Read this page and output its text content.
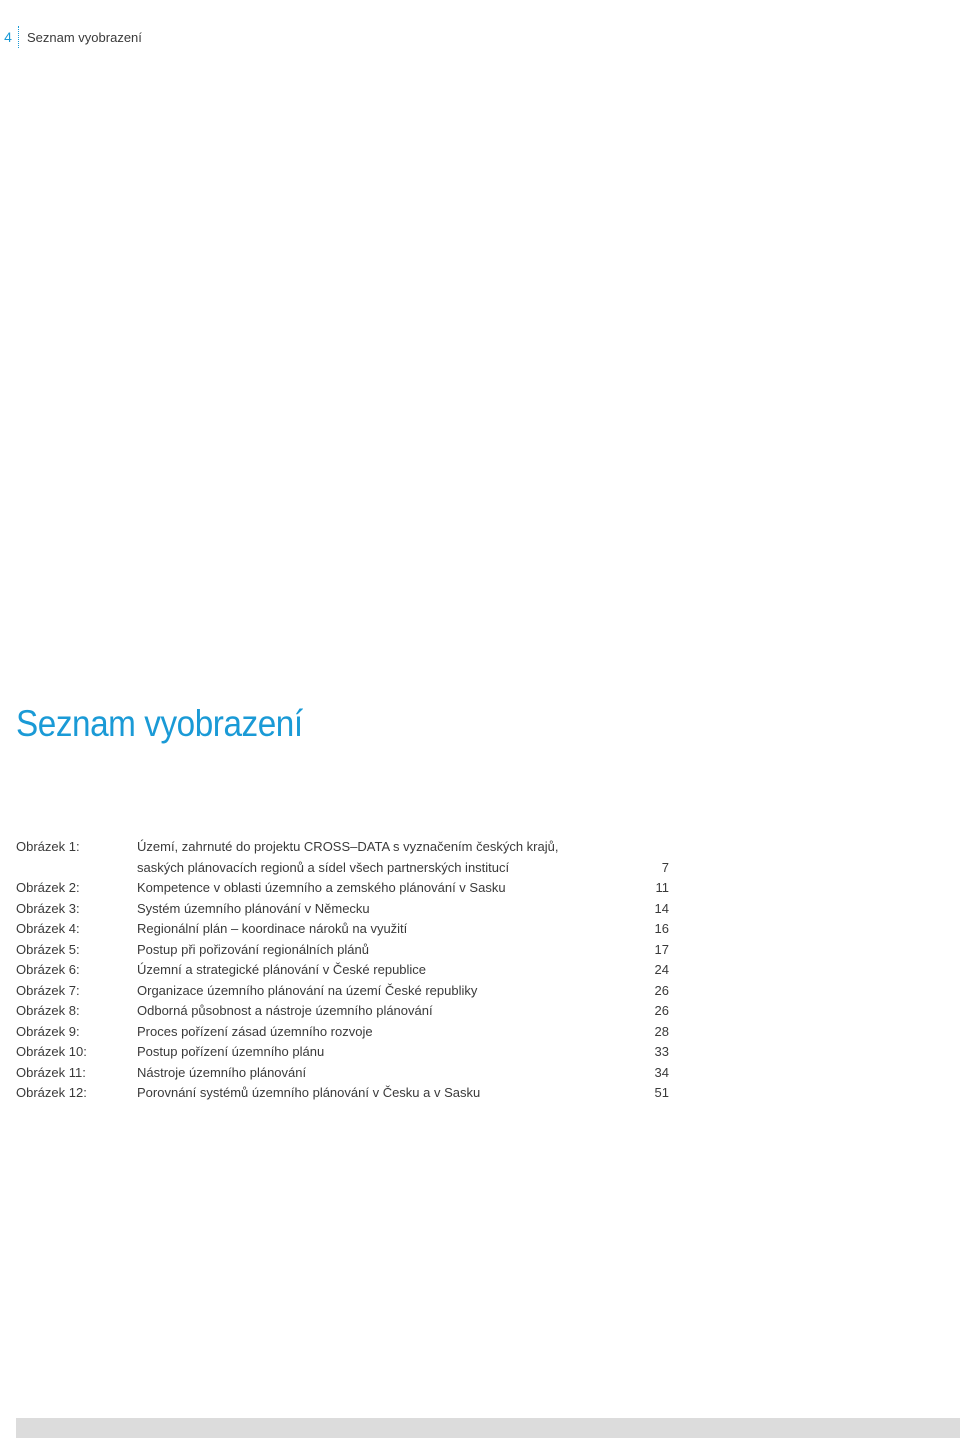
4	Seznam vyobrazení
Seznam vyobrazení
Obrázek 1:	Území, zahrnuté do projektu CROSS–DATA s vyznačením českých krajů,
saských plánovacích regionů a sídel všech partnerských institucí	7
Obrázek 2:	Kompetence v oblasti územního a zemského plánování v Sasku	11
Obrázek 3:	Systém územního plánování v Německu	14
Obrázek 4:	Regionální plán – koordinace nároků na využití	16
Obrázek 5:	Postup při pořizování regionálních plánů	17
Obrázek 6:	Územní a strategické plánování v České republice	24
Obrázek 7:	Organizace územního plánování na území České republiky	26
Obrázek 8:	Odborná působnost a nástroje územního plánování	26
Obrázek 9:	Proces pořízení zásad územního rozvoje	28
Obrázek 10:	Postup pořízení územního plánu	33
Obrázek 11:	Nástroje územního plánování	34
Obrázek 12:	Porovnání systémů územního plánování v Česku a v Sasku	51
